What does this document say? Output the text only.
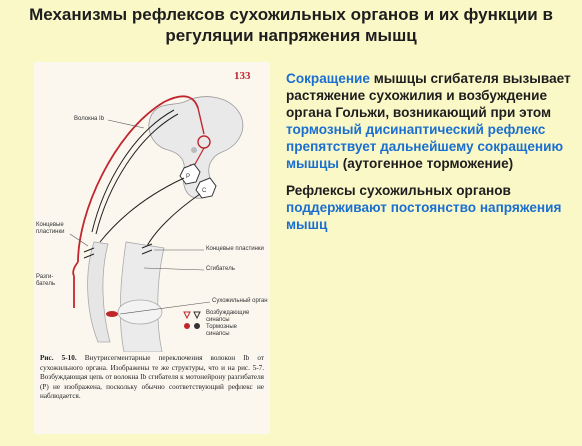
Механизмы рефлексов сухожильных органов и их функции в
регуляции напряжения мышц
Р
С
133
Волокна Ib
Концевые
пластинки
Концевые пластинки
Разги-
батель
Сгибатель
Сухожильный орган
Возбуждающие
синапсы
Тормозные
синапсы
Рис. 5-10. Внутрисегментарные переключения волокон Ib от сухожильного органа. Изображены те же структуры, что и на рис. 5-7. Возбуждающая цепь от волокна Ib сгибателя к мотонейрону разгибателя (Р) не изображена, поскольку обычно соответствующий рефлекс не наблюдается.
Сокращение мышцы сгибателя вызывает растяжение сухожилия и возбуждение органа Гольжи, возникающий при этом тормозный дисинаптический рефлекс препятствует дальнейшему сокращению мышцы (аутогенное торможение)
Рефлексы сухожильных органов поддерживают постоянство напряжения мышц
